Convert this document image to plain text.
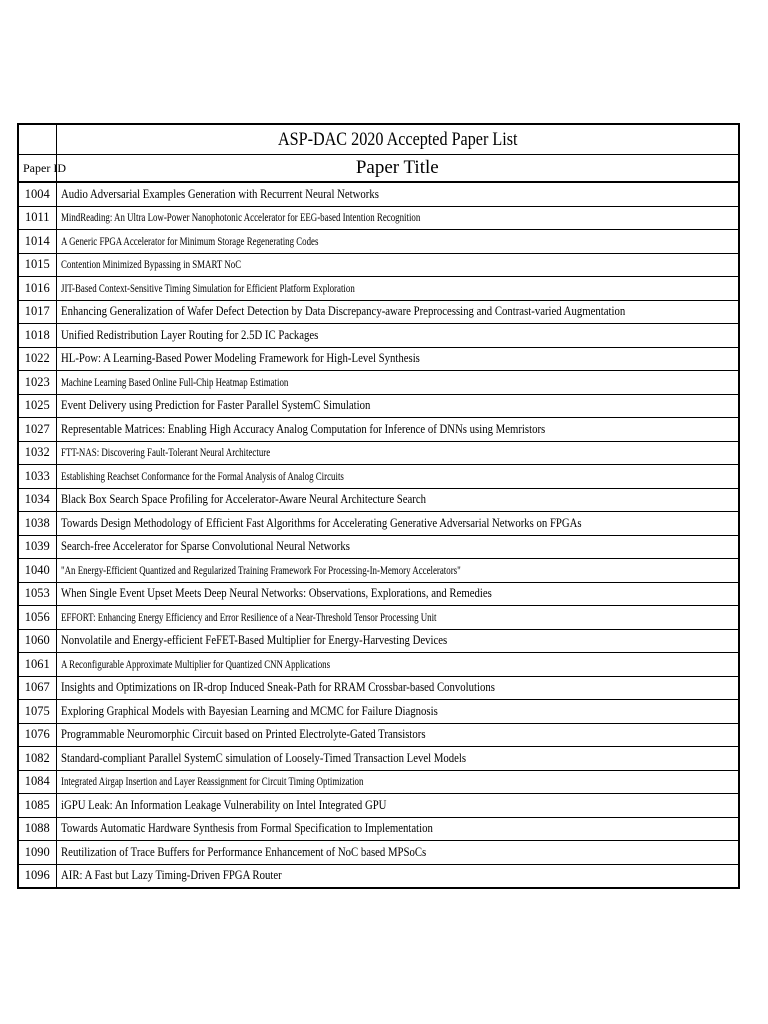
	ASP-DAC 2020 Accepted Paper List

Paper ID	Paper Title
1004	Audio Adversarial Examples Generation with Recurrent Neural Networks
1011	MindReading: An Ultra Low-Power Nanophotonic Accelerator for EEG-based Intention Recognition
1014	A Generic FPGA Accelerator for Minimum Storage Regenerating Codes
1015	Contention Minimized Bypassing in SMART NoC
1016	JIT-Based Context-Sensitive Timing Simulation for Efficient Platform Exploration
1017	Enhancing Generalization of Wafer Defect Detection by Data Discrepancy-aware Preprocessing and Contrast-varied Augmentation
1018	Unified Redistribution Layer Routing for 2.5D IC Packages
1022	HL-Pow: A Learning-Based Power Modeling Framework for High-Level Synthesis
1023	Machine Learning Based Online Full-Chip Heatmap Estimation
1025	Event Delivery using Prediction for Faster Parallel SystemC Simulation
1027	Representable Matrices: Enabling High Accuracy Analog Computation for Inference of DNNs using Memristors
1032	FTT-NAS: Discovering Fault-Tolerant Neural Architecture
1033	Establishing Reachset Conformance for the Formal Analysis of Analog Circuits
1034	Black Box Search Space Profiling for Accelerator-Aware Neural Architecture Search
1038	Towards Design Methodology of Efficient Fast Algorithms for Accelerating Generative Adversarial Networks on FPGAs
1039	Search-free Accelerator for Sparse Convolutional Neural Networks
1040	"An Energy-Efficient Quantized and Regularized Training Framework For Processing-In-Memory Accelerators"
1053	When Single Event Upset Meets Deep Neural Networks: Observations, Explorations, and Remedies
1056	EFFORT: Enhancing Energy Efficiency and Error Resilience of a Near-Threshold Tensor Processing Unit
1060	Nonvolatile and Energy-efficient FeFET-Based Multiplier for Energy-Harvesting Devices
1061	A Reconfigurable Approximate Multiplier for Quantized CNN Applications
1067	Insights and Optimizations on IR-drop Induced Sneak-Path for RRAM Crossbar-based Convolutions
1075	Exploring Graphical Models with Bayesian Learning and MCMC for Failure Diagnosis
1076	Programmable Neuromorphic Circuit based on Printed Electrolyte-Gated Transistors
1082	Standard-compliant Parallel SystemC simulation of Loosely-Timed Transaction Level Models
1084	Integrated Airgap Insertion and Layer Reassignment for Circuit Timing Optimization
1085	iGPU Leak: An Information Leakage Vulnerability on Intel Integrated GPU
1088	Towards Automatic Hardware Synthesis from Formal Specification to Implementation
1090	Reutilization of Trace Buffers for Performance Enhancement of NoC based MPSoCs
1096	AIR: A Fast but Lazy Timing-Driven FPGA Router
